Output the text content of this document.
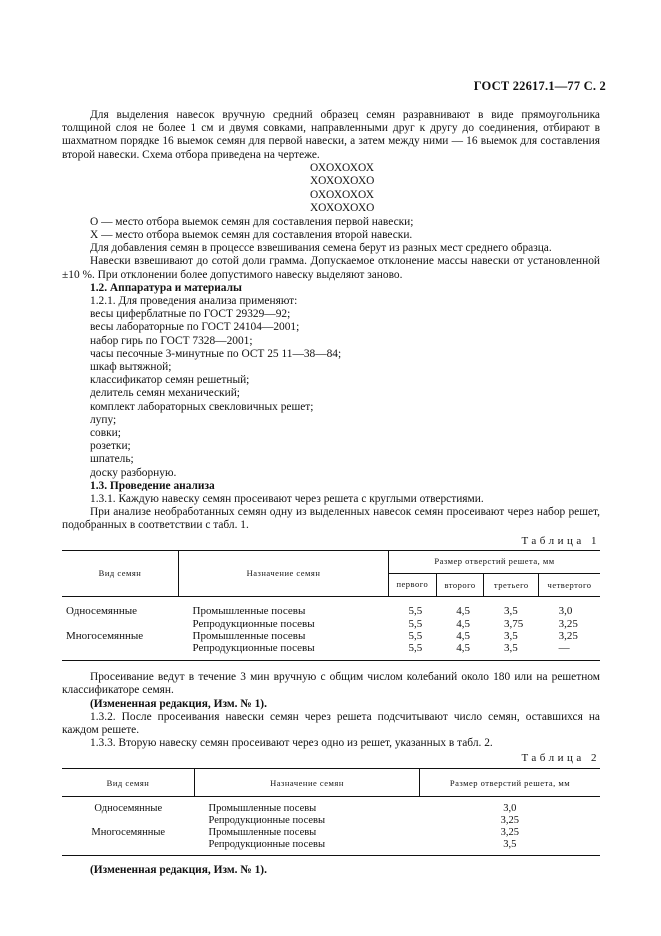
ГОСТ 22617.1—77 С. 2

Для выделения навесок вручную средний образец семян разравнивают в виде прямоугольника толщиной слоя не более 1 см и двумя совками, направленными друг к другу до соединения, отбирают в шахматном порядке 16 выемок семян для первой навески, а затем между ними — 16 выемок для составления второй навески. Схема отбора приведена на чертеже.

ОХОХОХОХ

ХОХОХОХО

ОХОХОХОХ

ХОХОХОХО

О — место отбора выемок семян для составления первой навески;

Х — место отбора выемок семян для составления второй навески.

Для добавления семян в процессе взвешивания семена берут из разных мест среднего образца.

Навески взвешивают до сотой доли грамма. Допускаемое отклонение массы навески от установленной ±10 %. При отклонении более допустимого навеску выделяют заново.

1.2. Аппаратура и материалы

1.2.1. Для проведения анализа применяют:

весы циферблатные по ГОСТ 29329—92;

весы лабораторные по ГОСТ 24104—2001;

набор гирь по ГОСТ 7328—2001;

часы песочные 3-минутные по ОСТ 25 11—38—84;

шкаф вытяжной;

классификатор семян решетный;

делитель семян механический;

комплект лабораторных свекловичных решет;

лупу;

совки;

розетки;

шпатель;

доску разборную.

1.3. Проведение анализа

1.3.1. Каждую навеску семян просеивают через решета с круглыми отверстиями.

При анализе необработанных семян одну из выделенных навесок семян просеивают через набор решет, подобранных в соответствии с табл. 1.

Таблица 1

Вид семян	Назначение семян	Размер отверстий решета, мм			
		первого	второго	третьего	четвертого
Односемянные	Промышленные посевы	5,5	4,5	3,5	3,0
	Репродукционные посевы	5,5	4,5	3,75	3,25
Многосемянные	Промышленные посевы	5,5	4,5	3,5	3,25
	Репродукционные посевы	5,5	4,5	3,5	—

Просеивание ведут в течение 3 мин вручную с общим числом колебаний около 180 или на решетном классификаторе семян.

(Измененная редакция, Изм. № 1).

1.3.2. После просеивания навески семян через решета подсчитывают число семян, оставшихся на каждом решете.

1.3.3. Вторую навеску семян просеивают через одно из решет, указанных в табл. 2.

Таблица 2

Вид семян	Назначение семян	Размер отверстий решета, мм
Односемянные	Промышленные посевы	3,0
	Репродукционные посевы	3,25
Многосемянные	Промышленные посевы	3,25
	Репродукционные посевы	3,5

(Измененная редакция, Изм. № 1).
